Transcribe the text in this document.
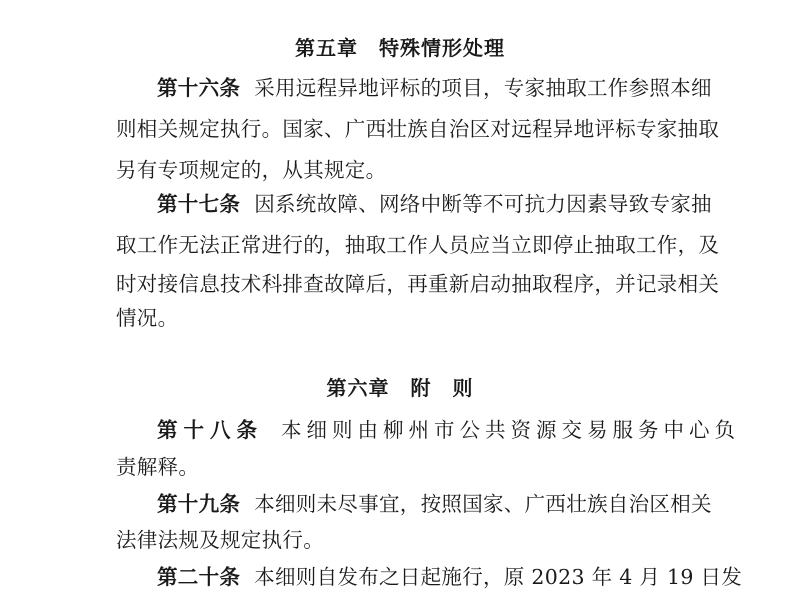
第五章　特殊情形处理
第十六条 采用远程异地评标的项目，专家抽取工作参照本细
则相关规定执行。国家、广西壮族自治区对远程异地评标专家抽取
另有专项规定的，从其规定。
第十七条 因系统故障、网络中断等不可抗力因素导致专家抽
取工作无法正常进行的，抽取工作人员应当立即停止抽取工作，及
时对接信息技术科排查故障后，再重新启动抽取程序，并记录相关
情况。
第六章　附　则
第十八条 本细则由柳州市公共资源交易服务中心负
责解释。
第十九条 本细则未尽事宜，按照国家、广西壮族自治区相关
法律法规及规定执行。
第二十条 本细则自发布之日起施行，原 2023 年 4 月 19 日发
